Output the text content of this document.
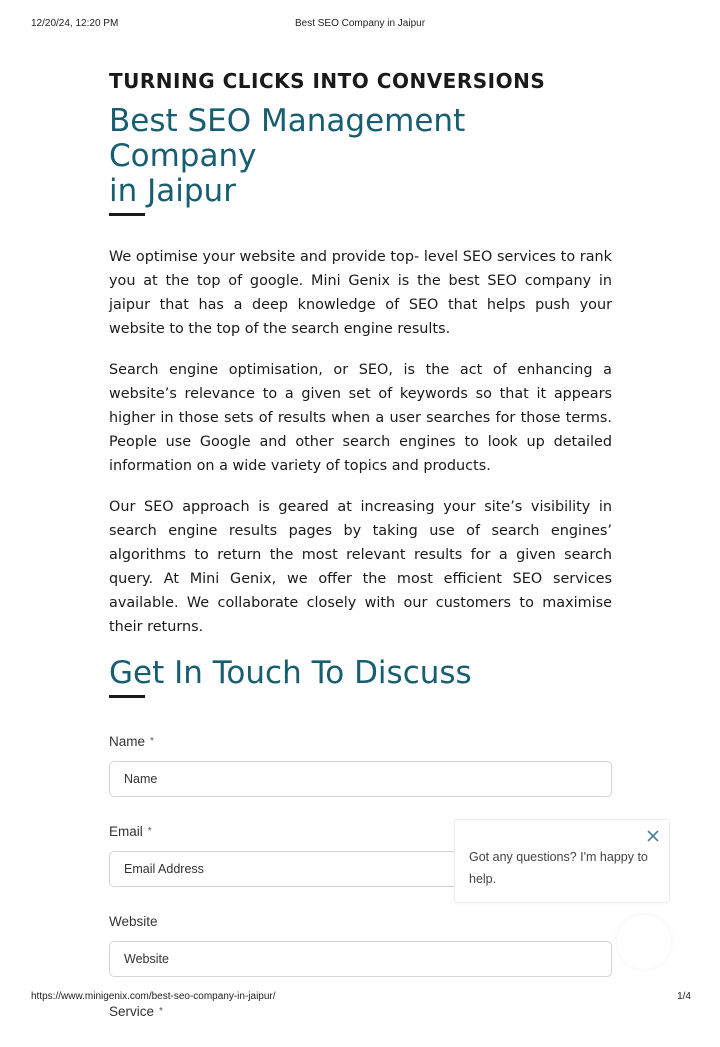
12/20/24, 12:20 PM	Best SEO Company in Jaipur
TURNING CLICKS INTO CONVERSIONS
Best SEO Management Company
in Jaipur

We optimise your website and provide top- level SEO services to rank you at the top of google. Mini Genix is the best SEO company in jaipur that has a deep knowledge of SEO that helps push your website to the top of the search engine results.

Search engine optimisation, or SEO, is the act of enhancing a website’s relevance to a given set of keywords so that it appears higher in those sets of results when a user searches for those terms. People use Google and other search engines to look up detailed information on a wide variety of topics and products.

Our SEO approach is geared at increasing your site’s visibility in search engine results pages by taking use of search engines’ algorithms to return the most relevant results for a given search query. At Mini Genix, we offer the most efficient SEO services available. We collaborate closely with our customers to maximise their returns.

Get In Touch To Discuss
Name *
Name
Email *
Email Address
Website
Website
Service *
Got any questions? I'm happy to help.
https://www.minigenix.com/best-seo-company-in-jaipur/	1/4
